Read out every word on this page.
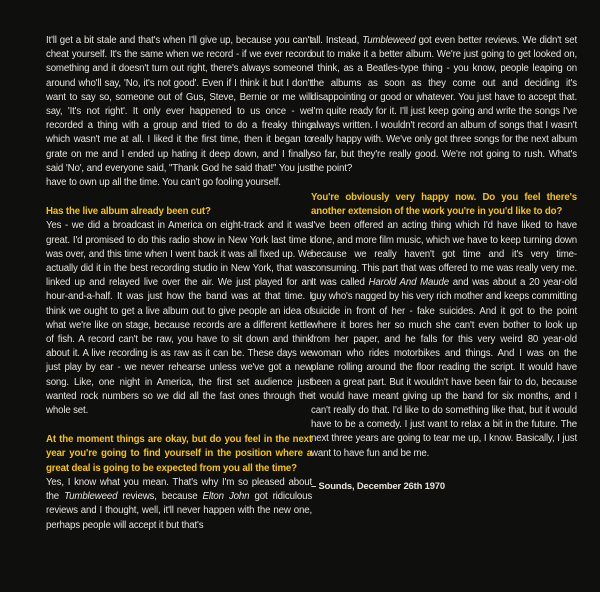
It'll get a bit stale and that's when I'll give up, because you can't cheat yourself. It's the same when we record - if we ever record something and it doesn't turn out right, there's always someone around who'll say, 'No, it's not good'. Even if I think it but I don't want to say so, someone out of Gus, Steve, Bernie or me will say, 'It's not right'. It only ever happened to us once - we recorded a thing with a group and tried to do a freaky thing which wasn't me at all. I liked it the first time, then it began to grate on me and I ended up hating it deep down, and I finally said 'No', and everyone said, "Thank God he said that!" You just have to own up all the time. You can't go fooling yourself.

Has the live album already been cut?

Yes - we did a broadcast in America on eight-track and it was great. I'd promised to do this radio show in New York last time I was over, and this time when I went back it was all fixed up. We actually did it in the best recording studio in New York, that was linked up and relayed live over the air. We just played for an hour-and-a-half. It was just how the band was at that time. I think we ought to get a live album out to give people an idea of what we're like on stage, because records are a different kettle of fish. A record can't be raw, you have to sit down and think about it. A live recording is as raw as it can be. These days we just play by ear - we never rehearse unless we've got a new song. Like, one night in America, the first set audience just wanted rock numbers so we did all the fast ones through the whole set.

At the moment things are okay, but do you feel in the next year you're going to find yourself in the position where a great deal is going to be expected from you all the time?

Yes, I know what you mean. That's why I'm so pleased about the Tumbleweed reviews, because Elton John got ridiculous reviews and I thought, well, it'll never happen with the new one, perhaps people will accept it but that's

all. Instead, Tumbleweed got even better reviews. We didn't set out to make it a better album. We're just going to get looked on, I think, as a Beatles-type thing - you know, people leaping on the albums as soon as they come out and deciding it's disappointing or good or whatever. You just have to accept that. I'm quite ready for it. I'll just keep going and write the songs I've always written. I wouldn't record an album of songs that I wasn't really happy with. We've only got three songs for the next album so far, but they're really good. We're not going to rush. What's the point?

You're obviously very happy now. Do you feel there's another extension of the work you're in you'd like to do?

I've been offered an acting thing which I'd have liked to have done, and more film music, which we have to keep turning down because we really haven't got time and it's very time-consuming. This part that was offered to me was really very me. It was called Harold And Maude and was about a 20 year-old guy who's nagged by his very rich mother and keeps committing suicide in front of her - fake suicides. And it got to the point where it bores her so much she can't even bother to look up from her paper, and he falls for this very weird 80 year-old woman who rides motorbikes and things. And I was on the plane rolling around the floor reading the script. It would have been a great part. But it wouldn't have been fair to do, because it would have meant giving up the band for six months, and I can't really do that. I'd like to do something like that, but it would have to be a comedy. I just want to relax a bit in the future. The next three years are going to tear me up, I know. Basically, I just want to have fun and be me.

– Sounds, December 26th 1970
